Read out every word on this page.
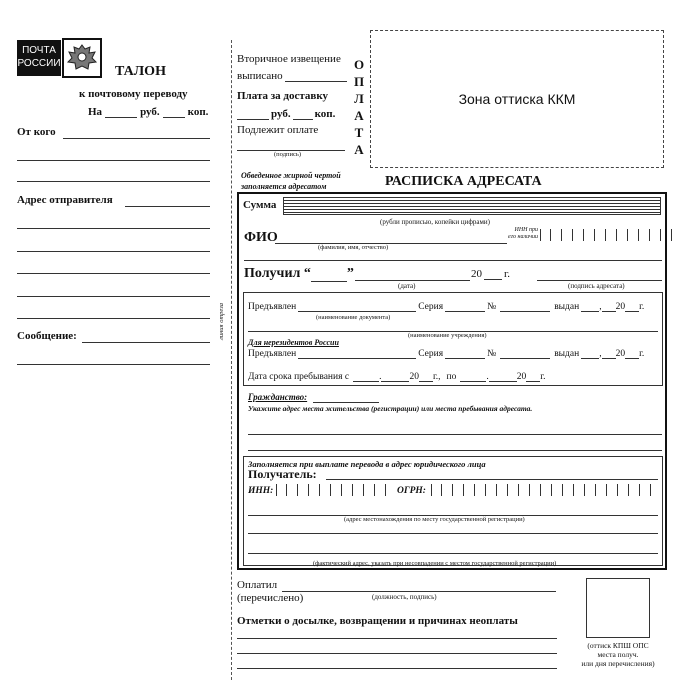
ПОЧТА
РОССИИ
ТАЛОН
к почтовому переводу
На	руб.	коп.
От кого
Адрес отправителя
Сообщение:	линия отреза
Вторичное извещение
выписано
Плата за доставку
руб. коп.
Подлежит оплате
(подпись)
О
П
Л
А
Т
А
Зона оттиска ККМ
Обведенное жирной чертой
заполняется адресатом	РАСПИСКА АДРЕСАТА
Сумма
(рубли прописью, копейки цифрами)
ФИО
(фамилия, имя, отчество)
ИНН при
его наличии
Получил “	”	20 г.
(дата)	(подпись адресата)
Предъявлен	Серия	№	выдан , 20 г.
(наименование документа)
(наименование учреждения)
Для нерезидентов России
Предъявлен	Серия	№	выдан , 20 г.
Дата срока пребывания с	.	20 г., по	.	20 г.
Гражданство:
Укажите адрес места жительства (регистрации) или места пребывания адресата.
Заполняется при выплате перевода в адрес юридического лица
Получатель:
ИНН:	ОГРН:
(адрес местонахождения по месту государственной регистрации)
(фактический адрес, указать при несовпадении с местом государственной регистрации)
Оплатил
(перечислено)	(должность, подпись)
Отметки о досылке, возвращении и причинах неоплаты
(оттиск КПШ ОПС
места получ.
или дня перечисления)
